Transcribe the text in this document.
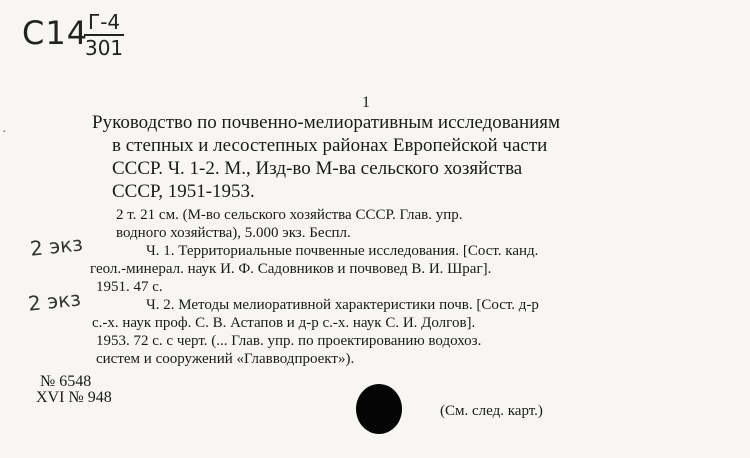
C14 Г-4
301
·
1
Руководство по почвенно-мелиоративным исследованиям
в степных и лесостепных районах Европейской части
СССР. Ч. 1-2. М., Изд-во М-ва сельского хозяйства
СССР, 1951-1953.
2 т. 21 см. (М-во сельского хозяйства СССР. Глав. упр.
водного хозяйства), 5.000 экз. Беспл.
Ч. 1. Территориальные почвенные исследования. [Сост. канд.
геол.-минерал. наук И. Ф. Садовников и почвовед В. И. Шраг].
1951. 47 с.
Ч. 2. Методы мелиоративной характеристики почв. [Сост. д-р
с.-х. наук проф. С. В. Астапов и д-р с.-х. наук С. И. Долгов].
1953. 72 с. с черт. (... Глав. упр. по проектированию водохоз.
систем и сооружений «Главводпроект»).
2 экз
2 экз
№ 6548
XVI № 948
(См. след. карт.)
